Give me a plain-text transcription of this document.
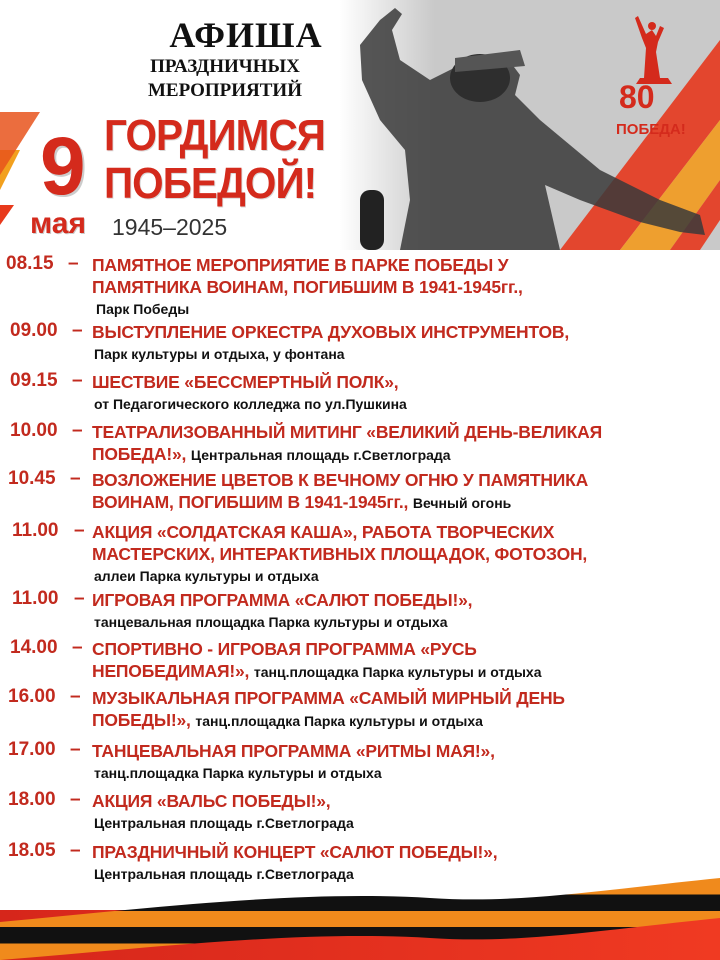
АФИША
ПРАЗДНИЧНЫХ
МЕРОПРИЯТИЙ
ГОРДИМСЯ
ПОБЕДОЙ!
9
мая 1945–2025
80
ПОБЕДА!
08.15 – ПАМЯТНОЕ МЕРОПРИЯТИЕ В ПАРКЕ ПОБЕДЫ У
ПАМЯТНИКА ВОИНАМ, ПОГИБШИМ В 1941-1945гг.,
Парк Победы
09.00 – ВЫСТУПЛЕНИЕ ОРКЕСТРА ДУХОВЫХ ИНСТРУМЕНТОВ,
Парк культуры и отдыха, у фонтана
09.15 – ШЕСТВИЕ «БЕССМЕРТНЫЙ ПОЛК»,
от Педагогического колледжа по ул.Пушкина
10.00 – ТЕАТРАЛИЗОВАННЫЙ МИТИНГ «ВЕЛИКИЙ ДЕНЬ-ВЕЛИКАЯ
ПОБЕДА!», Центральная площадь г.Светлограда
10.45 – ВОЗЛОЖЕНИЕ ЦВЕТОВ К ВЕЧНОМУ ОГНЮ У ПАМЯТНИКА
ВОИНАМ, ПОГИБШИМ В 1941-1945гг., Вечный огонь
11.00 – АКЦИЯ «СОЛДАТСКАЯ КАША», РАБОТА ТВОРЧЕСКИХ
МАСТЕРСКИХ, ИНТЕРАКТИВНЫХ ПЛОЩАДОК, ФОТОЗОН,
аллеи Парка культуры и отдыха
11.00 – ИГРОВАЯ ПРОГРАММА «САЛЮТ ПОБЕДЫ!»,
танцевальная площадка Парка культуры и отдыха
14.00 – СПОРТИВНО - ИГРОВАЯ ПРОГРАММА «РУСЬ
НЕПОБЕДИМАЯ!», танц.площадка Парка культуры и отдыха
16.00 – МУЗЫКАЛЬНАЯ ПРОГРАММА «САМЫЙ МИРНЫЙ ДЕНЬ
ПОБЕДЫ!», танц.площадка Парка культуры и отдыха
17.00 – ТАНЦЕВАЛЬНАЯ ПРОГРАММА «РИТМЫ МАЯ!»,
танц.площадка Парка культуры и отдыха
18.00 – АКЦИЯ «ВАЛЬС ПОБЕДЫ!»,
Центральная площадь г.Светлограда
18.05 – ПРАЗДНИЧНЫЙ КОНЦЕРТ «САЛЮТ ПОБЕДЫ!»,
Центральная площадь г.Светлограда
